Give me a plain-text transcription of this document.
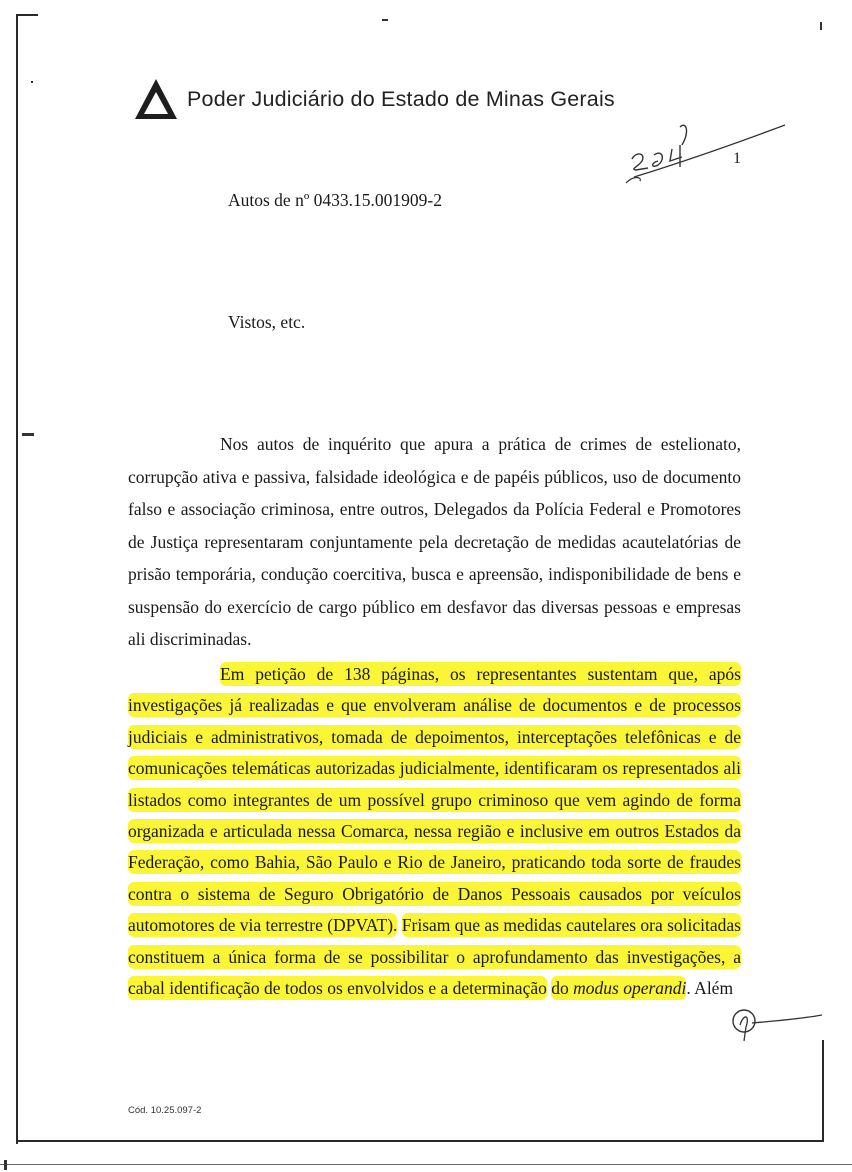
Poder Judiciário do Estado de Minas Gerais
1
Autos de nº 0433.15.001909-2
Vistos, etc.

Nos autos de inquérito que apura a prática de crimes de estelionato, corrupção ativa e passiva, falsidade ideológica e de papéis públicos, uso de documento falso e associação criminosa, entre outros, Delegados da Polícia Federal e Promotores de Justiça representaram conjuntamente pela decretação de medidas acautelatórias de prisão temporária, condução coercitiva, busca e apreensão, indisponibilidade de bens e suspensão do exercício de cargo público em desfavor das diversas pessoas e empresas ali discriminadas.

Em petição de 138 páginas, os representantes sustentam que, após investigações já realizadas e que envolveram análise de documentos e de processos judiciais e administrativos, tomada de depoimentos, interceptações telefônicas e de comunicações telemáticas autorizadas judicialmente, identificaram os representados ali listados como integrantes de um possível grupo criminoso que vem agindo de forma organizada e articulada nessa Comarca, nessa região e inclusive em outros Estados da Federação, como Bahia, São Paulo e Rio de Janeiro, praticando toda sorte de fraudes contra o sistema de Seguro Obrigatório de Danos Pessoais causados por veículos automotores de via terrestre (DPVAT). Frisam que as medidas cautelares ora solicitadas constituem a única forma de se possibilitar o aprofundamento das investigações, a cabal identificação de todos os envolvidos e a determinação do modus operandi. Além

Cód. 10.25.097-2
